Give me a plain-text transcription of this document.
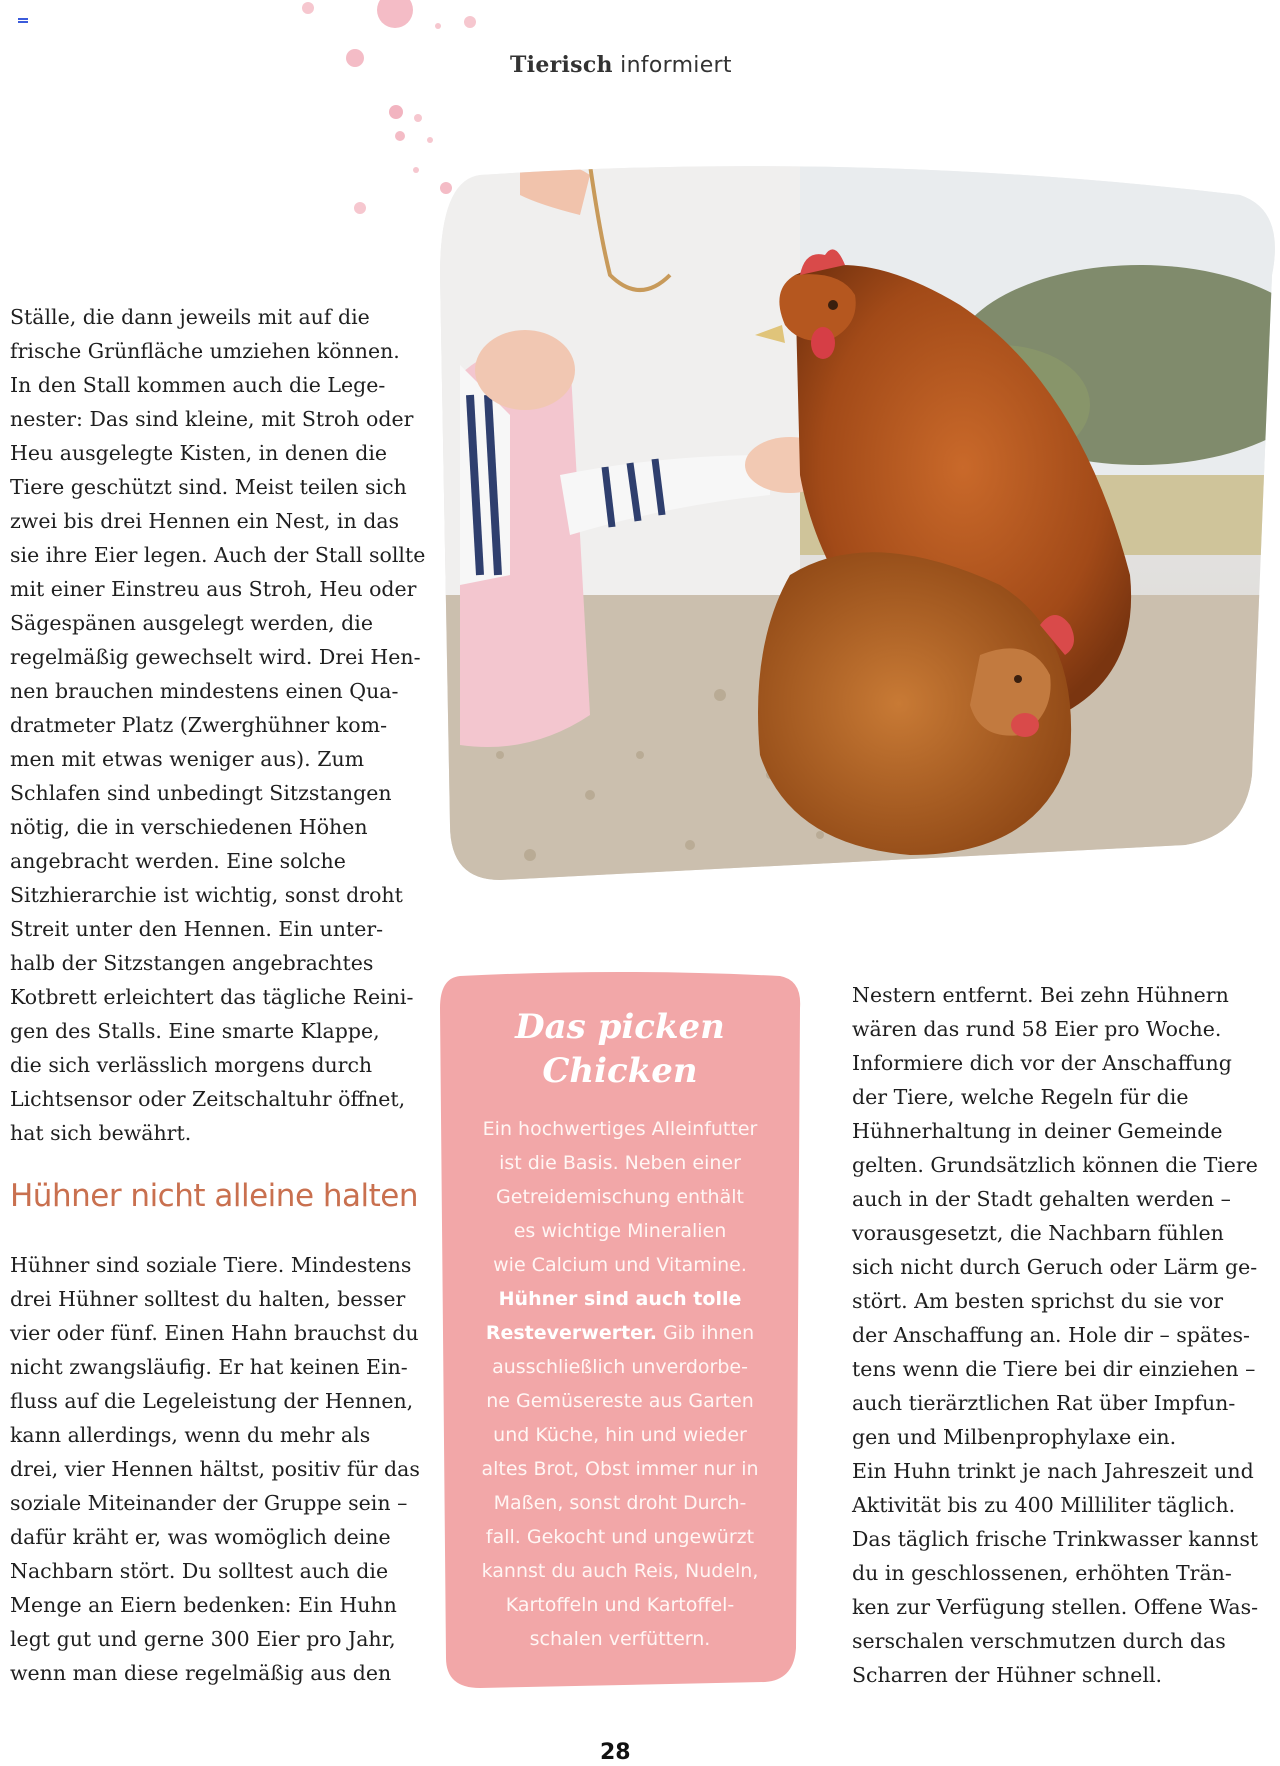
Tierisch informiert
Ställe, die dann jeweils mit auf die
frische Grünfläche umziehen können.
In den Stall kommen auch die Lege-
nester: Das sind kleine, mit Stroh oder
Heu ausgelegte Kisten, in denen die
Tiere geschützt sind. Meist teilen sich
zwei bis drei Hennen ein Nest, in das
sie ihre Eier legen. Auch der Stall sollte
mit einer Einstreu aus Stroh, Heu oder
Sägespänen ausgelegt werden, die
regelmäßig gewechselt wird. Drei Hen-
nen brauchen mindestens einen Qua-
dratmeter Platz (Zwerghühner kom-
men mit etwas weniger aus). Zum
Schlafen sind unbedingt Sitzstangen
nötig, die in verschiedenen Höhen
angebracht werden. Eine solche
Sitzhierarchie ist wichtig, sonst droht
Streit unter den Hennen. Ein unter-
halb der Sitzstangen angebrachtes
Kotbrett erleichtert das tägliche Reini-
gen des Stalls. Eine smarte Klappe,
die sich verlässlich morgens durch
Lichtsensor oder Zeitschaltuhr öffnet,
hat sich bewährt.
Hühner nicht alleine halten
Hühner sind soziale Tiere. Mindestens
drei Hühner solltest du halten, besser
vier oder fünf. Einen Hahn brauchst du
nicht zwangsläufig. Er hat keinen Ein-
fluss auf die Legeleistung der Hennen,
kann allerdings, wenn du mehr als
drei, vier Hennen hältst, positiv für das
soziale Miteinander der Gruppe sein –
dafür kräht er, was womöglich deine
Nachbarn stört. Du solltest auch die
Menge an Eiern bedenken: Ein Huhn
legt gut und gerne 300 Eier pro Jahr,
wenn man diese regelmäßig aus den
Das picken
Chicken
Ein hochwertiges Alleinfutter
ist die Basis. Neben einer
Getreidemischung enthält
es wichtige Mineralien
wie Calcium und Vitamine.
Hühner sind auch tolle
Resteverwerter. Gib ihnen
ausschließlich unverdorbe-
ne Gemüsereste aus Garten
und Küche, hin und wieder
altes Brot, Obst immer nur in
Maßen, sonst droht Durch-
fall. Gekocht und ungewürzt
kannst du auch Reis, Nudeln,
Kartoffeln und Kartoffel-
schalen verfüttern.
Nestern entfernt. Bei zehn Hühnern
wären das rund 58 Eier pro Woche.
Informiere dich vor der Anschaffung
der Tiere, welche Regeln für die
Hühnerhaltung in deiner Gemeinde
gelten. Grundsätzlich können die Tiere
auch in der Stadt gehalten werden –
vorausgesetzt, die Nachbarn fühlen
sich nicht durch Geruch oder Lärm ge-
stört. Am besten sprichst du sie vor
der Anschaffung an. Hole dir – spätes-
tens wenn die Tiere bei dir einziehen –
auch tierärztlichen Rat über Impfun-
gen und Milbenprophylaxe ein.
Ein Huhn trinkt je nach Jahreszeit und
Aktivität bis zu 400 Milliliter täglich.
Das täglich frische Trinkwasser kannst
du in geschlossenen, erhöhten Trän-
ken zur Verfügung stellen. Offene Was-
serschalen verschmutzen durch das
Scharren der Hühner schnell.
28
